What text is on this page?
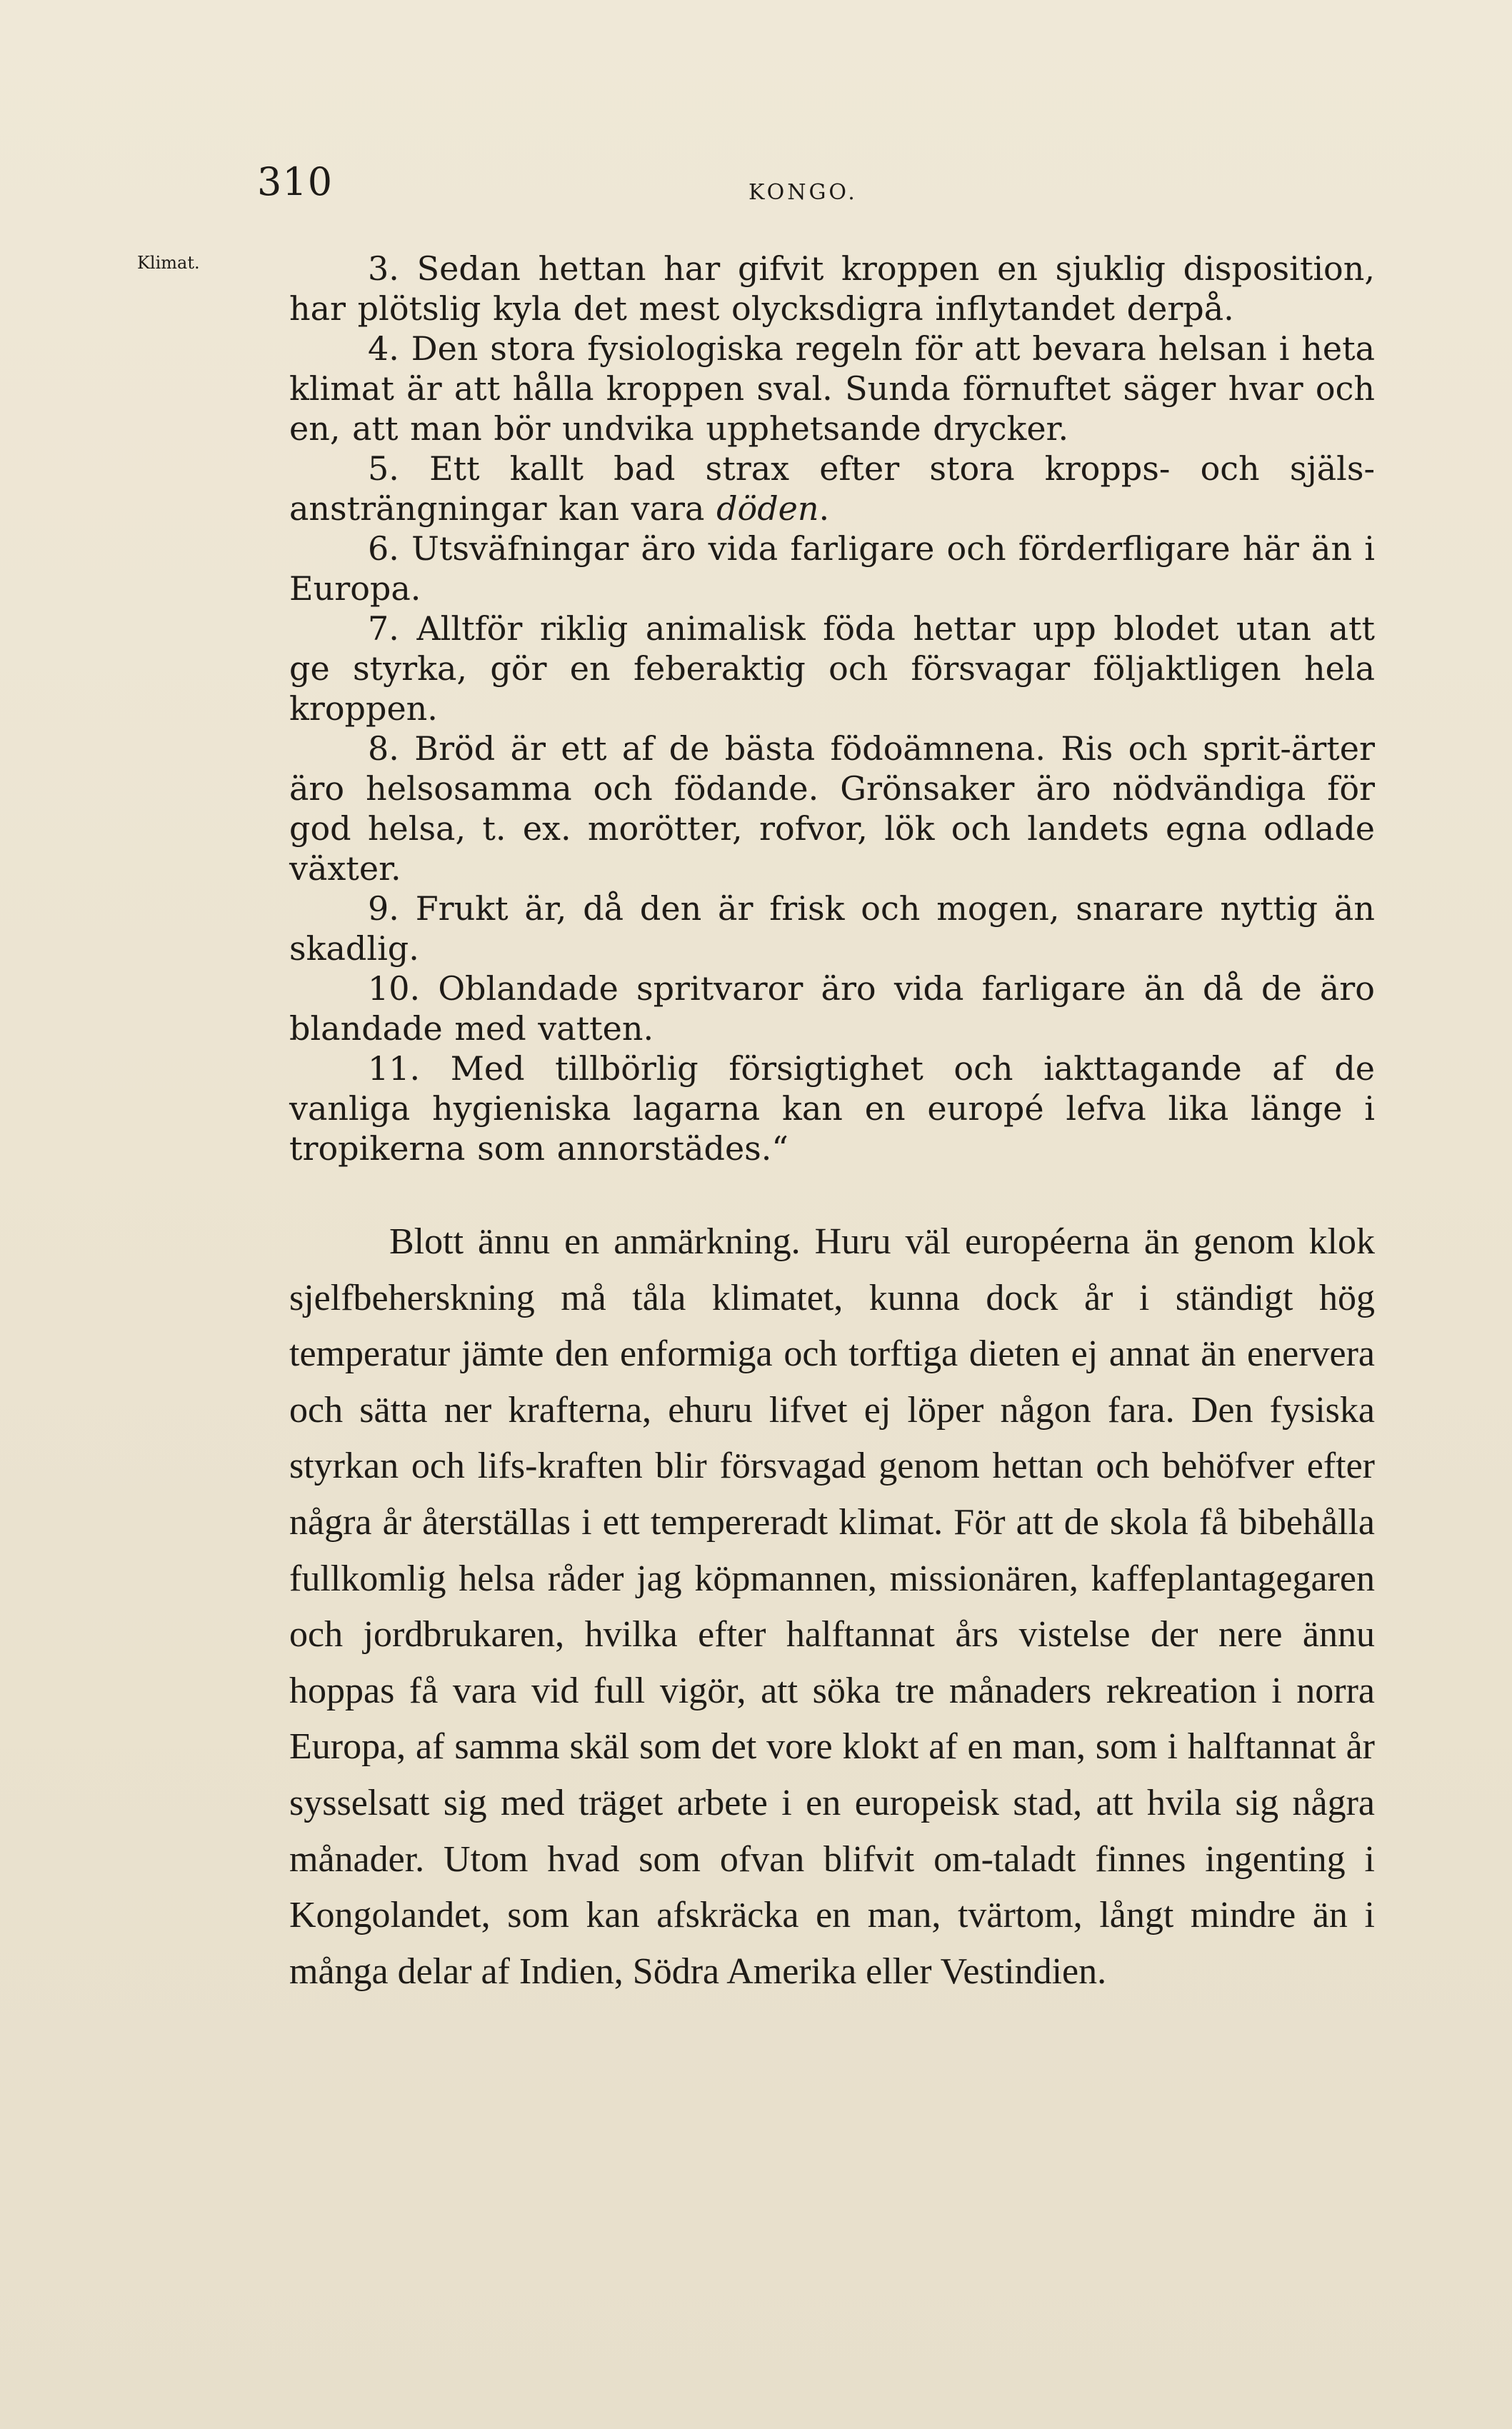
310	KONGO.
Klimat.	3. Sedan hettan har gifvit kroppen en sjuklig disposition, har plötslig kyla det mest olycksdigra inflytandet derpå.

4. Den stora fysiologiska regeln för att bevara helsan i heta klimat är att hålla kroppen sval. Sunda förnuftet säger hvar och en, att man bör undvika upphetsande drycker.

5. Ett kallt bad strax efter stora kropps- och själs-ansträngningar kan vara döden.

6. Utsväfningar äro vida farligare och förderfligare här än i Europa.

7. Alltför riklig animalisk föda hettar upp blodet utan att ge styrka, gör en feberaktig och försvagar följaktligen hela kroppen.

8. Bröd är ett af de bästa födoämnena. Ris och sprit-ärter äro helsosamma och födande. Grönsaker äro nödvändiga för god helsa, t. ex. morötter, rofvor, lök och landets egna odlade växter.

9. Frukt är, då den är frisk och mogen, snarare nyttig än skadlig.

10. Oblandade spritvaror äro vida farligare än då de äro blandade med vatten.

11. Med tillbörlig försigtighet och iakttagande af de vanliga hygieniska lagarna kan en europé lefva lika länge i tropikerna som annorstädes.“

Blott ännu en anmärkning. Huru väl européerna än genom klok sjelfbeherskning må tåla klimatet, kunna dock år i ständigt hög temperatur jämte den enformiga och torftiga dieten ej annat än enervera och sätta ner krafterna, ehuru lifvet ej löper någon fara. Den fysiska styrkan och lifs-kraften blir försvagad genom hettan och behöfver efter några år återställas i ett tempereradt klimat. För att de skola få bibehålla fullkomlig helsa råder jag köpmannen, missionären, kaffeplantagegaren och jordbrukaren, hvilka efter halftannat års vistelse der nere ännu hoppas få vara vid full vigör, att söka tre månaders rekreation i norra Europa, af samma skäl som det vore klokt af en man, som i halftannat år sysselsatt sig med träget arbete i en europeisk stad, att hvila sig några månader. Utom hvad som ofvan blifvit om-taladt finnes ingenting i Kongolandet, som kan afskräcka en man, tvärtom, långt mindre än i många delar af Indien, Södra Amerika eller Vestindien.
